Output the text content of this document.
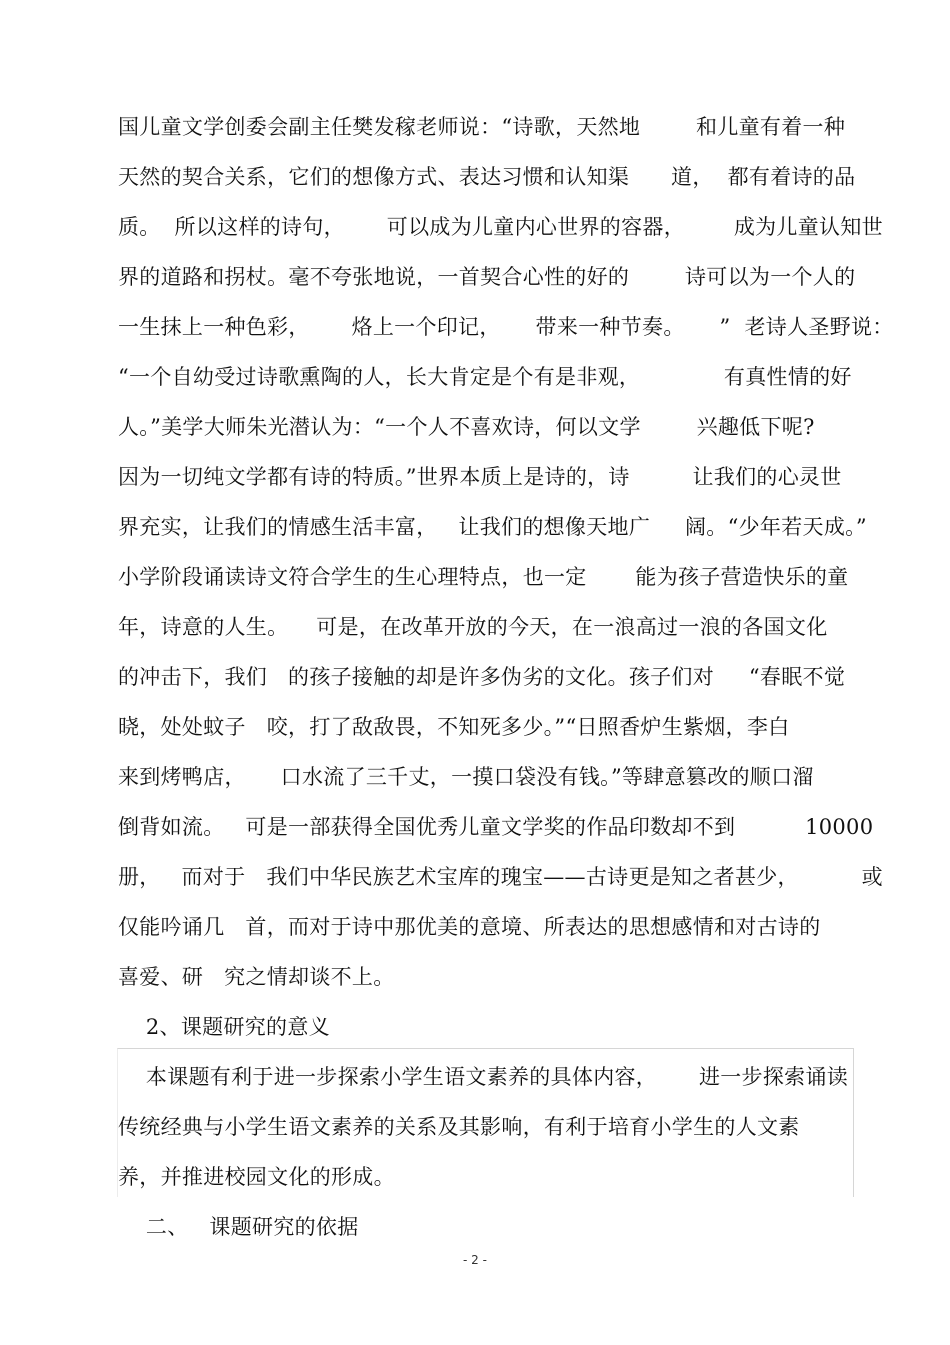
国儿童文学创委会副主任樊发稼老师说：“诗歌，天然地        和儿童有着一种
天然的契合关系，它们的想像方式、表达习惯和认知渠      道，  都有着诗的品
质。  所以这样的诗句，      可以成为儿童内心世界的容器，       成为儿童认知世
界的道路和拐杖。毫不夸张地说，一首契合心性的好的        诗可以为一个人的
一生抹上一种色彩，      烙上一个印记，     带来一种节奏。     ”  老诗人圣野说：
“一个自幼受过诗歌熏陶的人，长大肯定是个有是非观，            有真性情的好
人。”美学大师朱光潜认为：“一个人不喜欢诗，何以文学        兴趣低下呢?
因为一切纯文学都有诗的特质。”世界本质上是诗的，诗         让我们的心灵世
界充实，让我们的情感生活丰富，   让我们的想像天地广     阔。“少年若天成。”
小学阶段诵读诗文符合学生的生心理特点，也一定       能为孩子营造快乐的童
年，诗意的人生。    可是，在改革开放的今天，在一浪高过一浪的各国文化
的冲击下，我们   的孩子接触的却是许多伪劣的文化。孩子们对     “春眠不觉
晓，处处蚊子   咬，打了敌敌畏，不知死多少。”“日照香炉生紫烟，李白
来到烤鸭店，     口水流了三千丈，一摸口袋没有钱。”等肆意篡改的顺口溜
倒背如流。   可是一部获得全国优秀儿童文学奖的作品印数却不到          10000
册，   而对于   我们中华民族艺术宝库的瑰宝——古诗更是知之者甚少，         或
仅能吟诵几   首，而对于诗中那优美的意境、所表达的思想感情和对古诗的
喜爱、研   究之情却谈不上。
2、课题研究的意义
本课题有利于进一步探索小学生语文素养的具体内容，      进一步探索诵读
传统经典与小学生语文素养的关系及其影响，有利于培育小学生的人文素
养，并推进校园文化的形成。
二、   课题研究的依据
- 2 -
